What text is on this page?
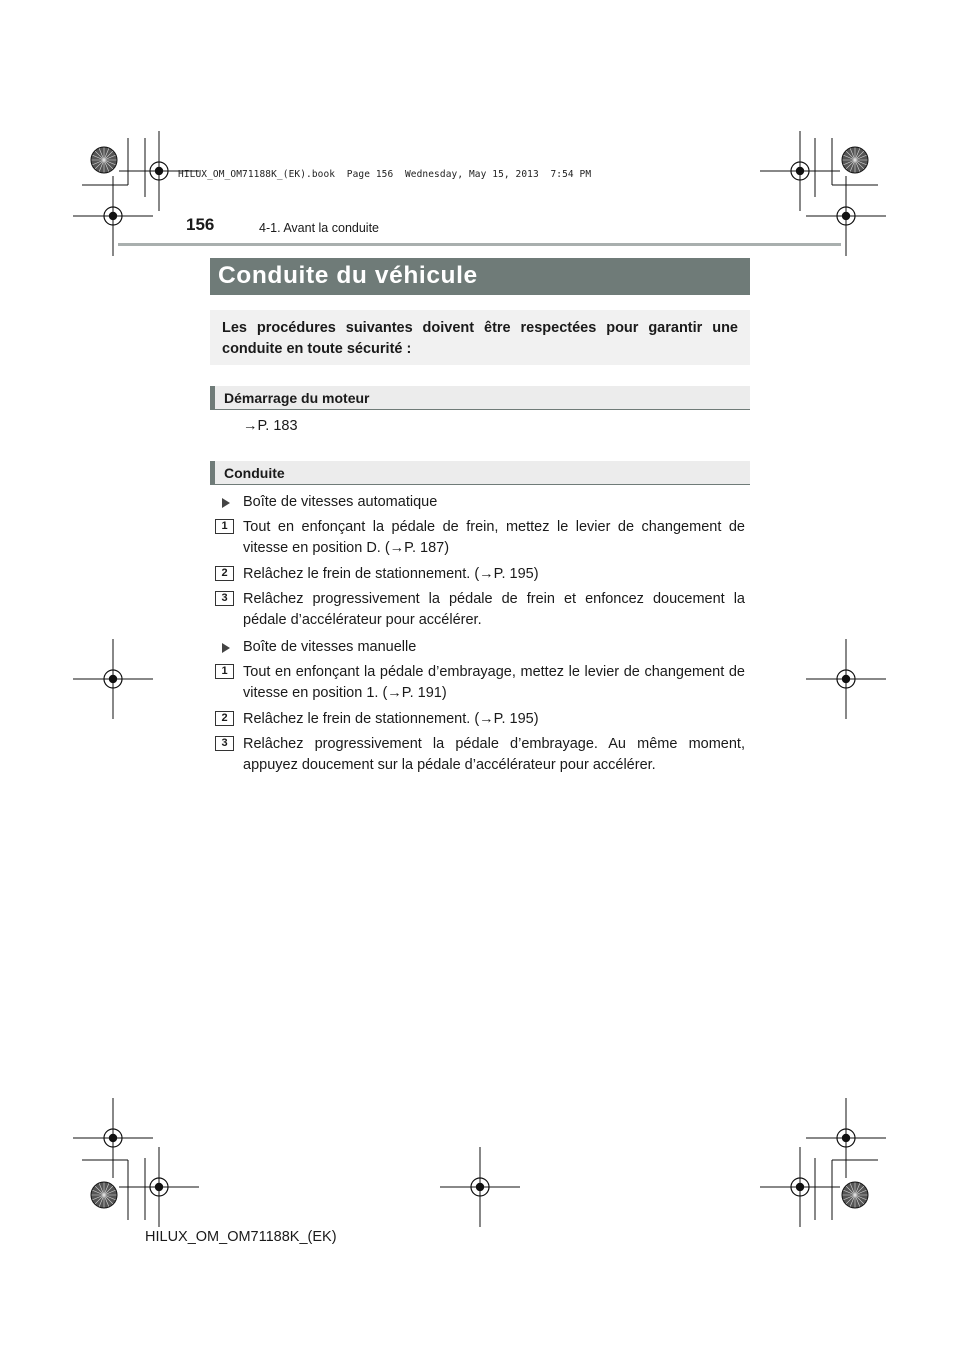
HILUX_OM_OM71188K_(EK).book  Page 156  Wednesday, May 15, 2013  7:54 PM
156	4-1. Avant la conduite
Conduite du véhicule
Les procédures suivantes doivent être respectées pour garantir une conduite en toute sécurité :
Démarrage du moteur
→P. 183
Conduite
Boîte de vitesses automatique
1	Tout en enfonçant la pédale de frein, mettez le levier de changement de vitesse en position D. (→P. 187)
2	Relâchez le frein de stationnement. (→P. 195)
3	Relâchez progressivement la pédale de frein et enfoncez doucement la pédale d’accélérateur pour accélérer.
Boîte de vitesses manuelle
1	Tout en enfonçant la pédale d’embrayage, mettez le levier de changement de vitesse en position 1. (→P. 191)
2	Relâchez le frein de stationnement. (→P. 195)
3	Relâchez progressivement la pédale d’embrayage. Au même moment, appuyez doucement sur la pédale d’accélérateur pour accélérer.
HILUX_OM_OM71188K_(EK)
